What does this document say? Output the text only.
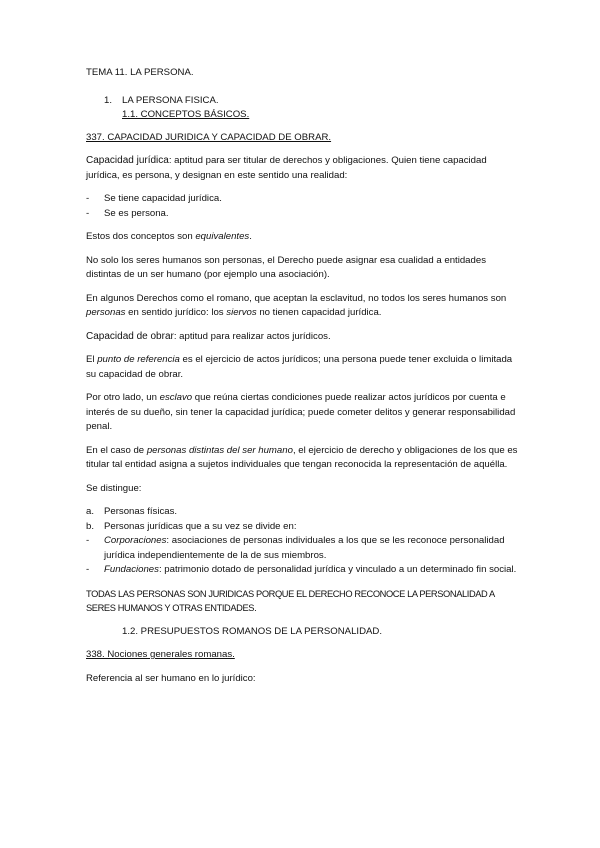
TEMA 11. LA PERSONA.

1.	LA PERSONA FISICA.
1.1. CONCEPTOS BÁSICOS.

337. CAPACIDAD JURIDICA Y CAPACIDAD DE OBRAR.

Capacidad jurídica: aptitud para ser titular de derechos y obligaciones. Quien tiene capacidad jurídica, es persona, y designan en este sentido una realidad:

-	Se tiene capacidad jurídica.
-	Se es persona.

Estos dos conceptos son equivalentes.

No solo los seres humanos son personas, el Derecho puede asignar esa cualidad a entidades distintas de un ser humano (por ejemplo una asociación).

En algunos Derechos como el romano, que aceptan la esclavitud, no todos los seres humanos son personas en sentido jurídico: los siervos no tienen capacidad jurídica.

Capacidad de obrar: aptitud para realizar actos jurídicos.

El punto de referencia es el ejercicio de actos jurídicos; una persona puede tener excluida o limitada su capacidad de obrar.

Por otro lado, un esclavo que reúna ciertas condiciones puede realizar actos jurídicos por cuenta e interés de su dueño, sin tener la capacidad jurídica; puede cometer delitos y generar responsabilidad penal.

En el caso de personas distintas del ser humano, el ejercicio de derecho y obligaciones de los que es titular tal entidad asigna a sujetos individuales que tengan reconocida la representación de aquélla.

Se distingue:

a.	Personas físicas.
b.	Personas jurídicas que a su vez se divide en:
-	Corporaciones: asociaciones de personas individuales a los que se les reconoce personalidad jurídica independientemente de la de sus miembros.
-	Fundaciones: patrimonio dotado de personalidad jurídica y vinculado a un determinado fin social.

TODAS LAS PERSONAS SON JURIDICAS PORQUE EL DERECHO RECONOCE LA PERSONALIDAD A SERES HUMANOS Y OTRAS ENTIDADES.

1.2. PRESUPUESTOS ROMANOS DE LA PERSONALIDAD.

338. Nociones generales romanas.

Referencia al ser humano en lo jurídico:
